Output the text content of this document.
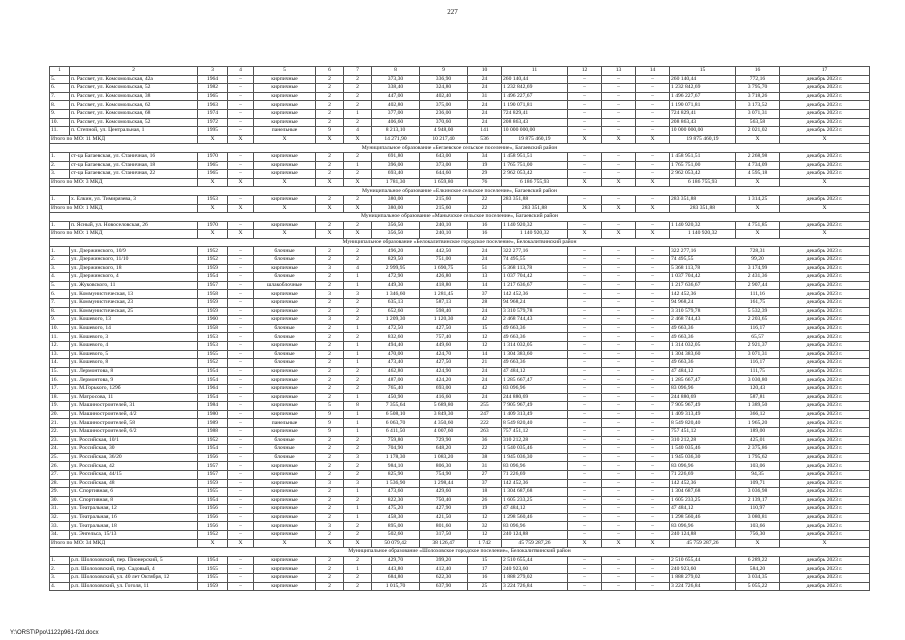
227
1	2	3	4	5	6	7	8	9	10	11	12	13	14	15	16	17
5.	п. Рассвет, ул. Комсомольская, 42а	1964	–	кирпичные	2	2	373,30	336,90	24	260 140,44	–	–	–	260 140,44	772,16	декабрь 2023 г.
6.	п. Рассвет, ул. Комсомольская, 52	1982	–	кирпичные	2	2	338,40	324,80	24	1 232 842,69	–	–	–	1 232 842,69	3 795,70	декабрь 2023 г.
7.	п. Рассвет, ул. Комсомольская, 38	1965	–	кирпичные	2	2	447,00	402,40	31	1 496 227,67	–	–	–	1 496 227,67	3 718,26	декабрь 2023 г.
8.	п. Рассвет, ул. Комсомольская, 62	1963	–	кирпичные	2	2	402,80	375,00	24	1 190 071,81	–	–	–	1 190 071,81	3 173,52	декабрь 2023 г.
9.	п. Рассвет, ул. Комсомольская, 68	1974	–	кирпичные	2	1	377,00	236,00	24	724 829,41	–	–	–	724 829,41	3 071,31	декабрь 2023 г.
10.	п. Рассвет, ул. Комсомольская, 52	1972	–	кирпичные	2	2	406,60	370,60	24	208 863,43	–	–	–	208 863,43	563,58	декабрь 2023 г.
11.	п. Степной, ул. Центральная, 1	1995	–	панельные	9	4	8 213,10	4 948,00	141	10 000 000,00	–	–	–	10 000 000,00	2 021,02	декабрь 2023 г.
Итого по МО: 11 МКД		X	X	X	X	X	14 271,90	10 217,40	536	19 875 460,19	X	X	X	19 875 460,19	X	X
Муниципальное образование «Бегаевское сельское поселение», Багаевский район																
1.	ст-ца Багаевская, ул. Станичная, 16	1970	–	кирпичные	2	2	691,80	643,00	34	1 458 951,51	–	–	–	1 458 951,51	2 268,98	декабрь 2023 г.
2.	ст-ца Багаевская, ул. Станичная, 18	1965	–	кирпичные	2	1	396,00	373,00	19	1 765 751,00	–	–	–	1 765 751,00	4 734,09	декабрь 2023 г.
3.	ст-ца Багаевская, ул. Станичная, 22	1965	–	кирпичные	2	2	693,40	644,60	29	2 962 053,42	–	–	–	2 962 053,42	4 595,18	декабрь 2023 г.
Итого по МО: 3 МКД		X	X	X	X	X	1 781,30	1 659,80	76	6 186 755,93	X	X	X	6 186 755,93	X	X
Муниципальное образование «Елкинское сельское поселение», Багаевский район																
1.	х. Елкин, ул. Тимирязева, 3	1953	–	кирпичные	2	2	380,00	215,60	22	283 351,88	–	–	–	283 351,88	1 314,25	декабрь 2023 г.
Итого по МО: 1 МКД		X	X	X	X	X	380,00	215,60	22	283 351,88	X	X	X	283 351,88	X	X
Муниципальное образование «Манычское сельское поселение», Багаевский район																
1.	п. Ясный, ул. Новоселовская, 26	1970	–	кирпичные	2	2	356,50	240,10	16	1 140 920,32	–	–	–	1 140 920,32	4 751,85	декабрь 2023 г.
Итого по МО: 1 МКД		X	X	X	X	X	356,50	240,10	16	1 140 920,32	X	X	X	1 140 920,32	X	X
Муниципальное образование «Белокалитвинское городское поселение», Белокалитвинский район																
1.	ул. Дзержинского, 10/9	1952	–	блочные	2	2	496,20	442,50	24	322 277,16	–	–	–	322 277,16	728,31	декабрь 2023 г.
2.	ул. Дзержинского, 11/10	1952	–	блочные	2	2	829,50	751,00	24	74 495,55	–	–	–	74 495,55	99,20	декабрь 2023 г.
3.	ул. Дзержинского, 18	1959	–	кирпичные	3	4	2 999,95	1 690,75	51	5 368 113,78	–	–	–	5 368 113,78	3 174,99	декабрь 2023 г.
4.	ул. Дзержинского, 4	1954	–	блочные	2	1	472,90	426,80	13	1 037 704,42	–	–	–	1 037 704,42	2 431,36	декабрь 2023 г.
5.	ул. Жуковского, 11	1957	–	шлакоблочные	2	1	449,30	418,80	14	1 217 636,67	–	–	–	1 217 636,67	2 907,44	декабрь 2023 г.
6.	ул. Коммунистическая, 13	1958	–	кирпичные	3	3	1 346,60	1 281,45	37	142 452,36	–	–	–	142 452,36	111,16	декабрь 2023 г.
7.	ул. Коммунистическая, 23	1959	–	кирпичные	2	2	635,13	587,13	28	94 968,24	–	–	–	94 968,24	161,75	декабрь 2023 г.
8.	ул. Коммунистическая, 25	1959	–	кирпичные	2	2	652,60	598,40	24	3 310 579,78	–	–	–	3 310 579,78	5 532,39	декабрь 2023 г.
9.	ул. Кошевого, 13	1960	–	кирпичные	3	2	1 209,30	1 120,30	42	2 468 744,43	–	–	–	2 468 744,43	2 203,65	декабрь 2023 г.
10.	ул. Кошевого, 14	1958	–	блочные	2	1	472,50	427,50	15	49 663,36	–	–	–	49 663,36	116,17	декабрь 2023 г.
11.	ул. Кошевого, 3	1953	–	блочные	2	2	832,60	757,40	12	49 663,36	–	–	–	49 663,36	65,57	декабрь 2023 г.
12.	ул. Кошевого, 4	1953	–	кирпичные	2	1	494,40	449,60	12	1 314 032,05	–	–	–	1 314 032,05	2 921,37	декабрь 2023 г.
13.	ул. Кошевого, 5	1955	–	блочные	2	1	470,00	424,70	14	1 304 383,60	–	–	–	1 304 383,60	3 071,31	декабрь 2023 г.
14.	ул. Кошевого, 8	1952	–	блочные	2	1	473,40	427,50	21	49 663,36	–	–	–	49 663,36	116,17	декабрь 2023 г.
15.	ул. Лермонтова, 8	1954	–	кирпичные	2	2	462,80	424,90	24	47 484,12	–	–	–	47 484,12	111,75	декабрь 2023 г.
16.	ул. Лермонтова, 9	1954	–	кирпичные	2	2	487,00	424,20	24	1 285 667,47	–	–	–	1 285 667,47	3 030,80	декабрь 2023 г.
17.	ул. М.Горького, 129б	1964	–	кирпичные	2	2	765,40	693,00	42	83 096,96	–	–	–	83 096,96	120,43	декабрь 2023 г.
18.	ул. Матросова, 11	1954	–	кирпичные	2	1	450,90	416,60	24	244 880,69	–	–	–	244 880,69	587,81	декабрь 2023 г.
19.	ул. Машиностроителей, 31	1984	–	кирпичные	5	8	7 355,64	5 689,80	255	7 905 967,49	–	–	–	7 905 967,49	1 389,50	декабрь 2023 г.
20.	ул. Машиностроителей, 4/2	1980	–	кирпичные	9	1	6 508,10	3 849,30	247	1 409 313,49	–	–	–	1 409 313,49	366,12	декабрь 2023 г.
21.	ул. Машиностроителей, 58	1989	–	панельные	9	1	6 063,70	4 350,60	222	8 549 820,40	–	–	–	8 549 820,40	1 965,20	декабрь 2023 г.
22.	ул. Машиностроителей, 6/2	1988	–	кирпичные	9	1	6 411,50	4 007,60	263	757 451,12	–	–	–	757 451,12	189,00	декабрь 2023 г.
23.	ул. Российская, 10/1	1952	–	блочные	2	2	759,80	729,90	36	310 212,28	–	–	–	310 212,28	425,01	декабрь 2023 г.
24.	ул. Российская, 30	1954	–	блочные	2	2	704,90	648,20	22	1 540 035,46	–	–	–	1 540 035,46	2 375,86	декабрь 2023 г.
25.	ул. Российская, 36/20	1956	–	блочные	2	3	1 178,30	1 083,20	38	1 945 036,30	–	–	–	1 945 036,30	1 795,62	декабрь 2023 г.
26.	ул. Российская, 42	1957	–	кирпичные	2	2	984,10	806,30	31	83 096,96	–	–	–	83 096,96	103,06	декабрь 2023 г.
27.	ул. Российская, 44/15	1957	–	кирпичные	2	2	825,90	754,90	27	71 226,69	–	–	–	71 226,69	94,35	декабрь 2023 г.
28.	ул. Российская, 48	1959	–	кирпичные	3	3	1 536,90	1 298,44	37	142 452,36	–	–	–	142 452,36	109,71	декабрь 2023 г.
29.	ул. Спортивная, 6	1955	–	кирпичные	2	1	473,60	429,60	18	1 304 687,68	–	–	–	1 304 687,68	3 036,98	декабрь 2023 г.
30.	ул. Спортивная, 8	1954	–	кирпичные	2	2	822,30	750,40	26	1 605 233,25	–	–	–	1 605 233,25	2 139,17	декабрь 2023 г.
31.	ул. Театральная, 12	1956	–	кирпичные	2	1	475,20	427,90	19	47 484,12	–	–	–	47 484,12	110,97	декабрь 2023 г.
32.	ул. Театральная, 16	1956	–	кирпичные	2	1	458,30	421,50	12	1 298 560,46	–	–	–	1 298 560,46	3 080,81	декабрь 2023 г.
33.	ул. Театральная, 18	1956	–	кирпичные	3	2	895,00	801,60	32	83 096,96	–	–	–	83 096,96	103,66	декабрь 2023 г.
34.	ул. Энгельса, 15/13	1952	–	кирпичные	2	2	502,60	317,50	12	240 124,88	–	–	–	240 124,88	756,30	декабрь 2023 г.
Итого по МО: 34 МКД		X	X	X	X	X	50 079,42	38 126,47	1 742	45 759 287,26	X	X	X	45 759 287,26	X	X
Муниципальное образование «Шолоховское городское поселение», Белокалитвинский район																
1.	р.п. Шолоховский, пер. Пионерский, 5	1954	–	кирпичные	2	2	429,70	399,20	15	2 510 655,44	–	–	–	2 510 655,44	6 289,22	декабрь 2023 г.
2.	р.п. Шолоховский, пер. Садовый, 4	1955	–	кирпичные	2	1	443,80	412,40	17	240 923,60	–	–	–	240 923,60	584,20	декабрь 2023 г.
3.	р.п. Шолоховский, ул. 40 лет Октября, 12	1955	–	кирпичные	2	2	684,80	622,30	16	1 888 279,02	–	–	–	1 888 279,02	3 034,35	декабрь 2023 г.
4.	р.п. Шолоховский, ул. Гоголя, 11	1959	–	кирпичные	2	2	1 015,70	637,90	25	3 224 726,84	–	–	–	3 224 726,84	5 055,22	декабрь 2023 г.
Y:\ORST\Ppo\1122p961-f2d.docx
